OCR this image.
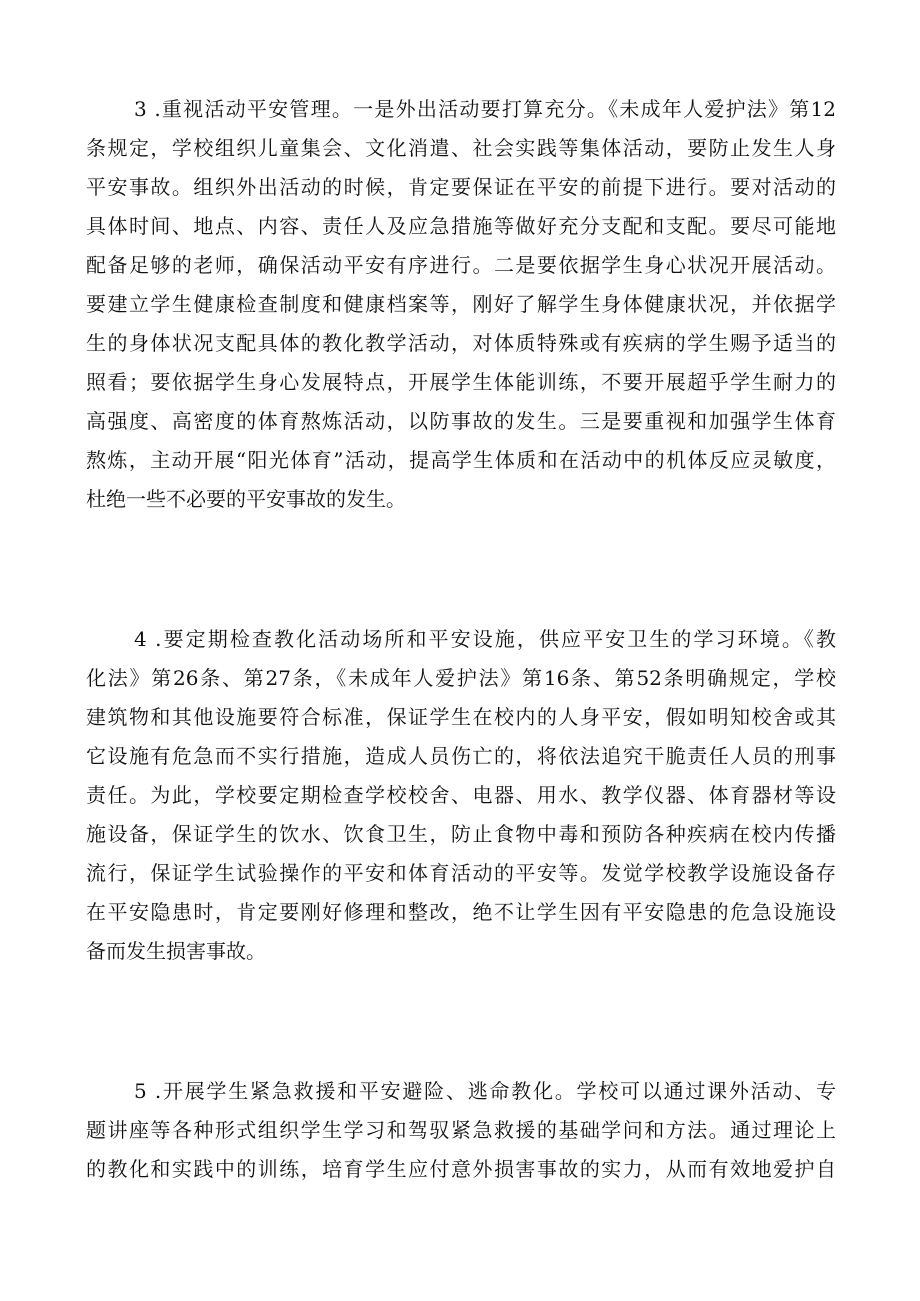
3 .重视活动平安管理。一是外出活动要打算充分。《未成年人爱护法》第12
条规定，学校组织儿童集会、文化消遣、社会实践等集体活动，要防止发生人身
平安事故。组织外出活动的时候，肯定要保证在平安的前提下进行。要对活动的
具体时间、地点、内容、责任人及应急措施等做好充分支配和支配。要尽可能地
配备足够的老师，确保活动平安有序进行。二是要依据学生身心状况开展活动。
要建立学生健康检查制度和健康档案等，刚好了解学生身体健康状况，并依据学
生的身体状况支配具体的教化教学活动，对体质特殊或有疾病的学生赐予适当的
照看；要依据学生身心发展特点，开展学生体能训练，不要开展超乎学生耐力的
高强度、高密度的体育熬炼活动，以防事故的发生。三是要重视和加强学生体育
熬炼，主动开展“阳光体育”活动，提高学生体质和在活动中的机体反应灵敏度，
杜绝一些不必要的平安事故的发生。

4 .要定期检查教化活动场所和平安设施，供应平安卫生的学习环境。《教
化法》第26条、第27条，《未成年人爱护法》第16条、第52条明确规定，学校
建筑物和其他设施要符合标准，保证学生在校内的人身平安，假如明知校舍或其
它设施有危急而不实行措施，造成人员伤亡的，将依法追究干脆责任人员的刑事
责任。为此，学校要定期检查学校校舍、电器、用水、教学仪器、体育器材等设
施设备，保证学生的饮水、饮食卫生，防止食物中毒和预防各种疾病在校内传播
流行，保证学生试验操作的平安和体育活动的平安等。发觉学校教学设施设备存
在平安隐患时，肯定要刚好修理和整改，绝不让学生因有平安隐患的危急设施设
备而发生损害事故。

5 .开展学生紧急救援和平安避险、逃命教化。学校可以通过课外活动、专
题讲座等各种形式组织学生学习和驾驭紧急救援的基础学问和方法。通过理论上
的教化和实践中的训练，培育学生应付意外损害事故的实力，从而有效地爱护自
